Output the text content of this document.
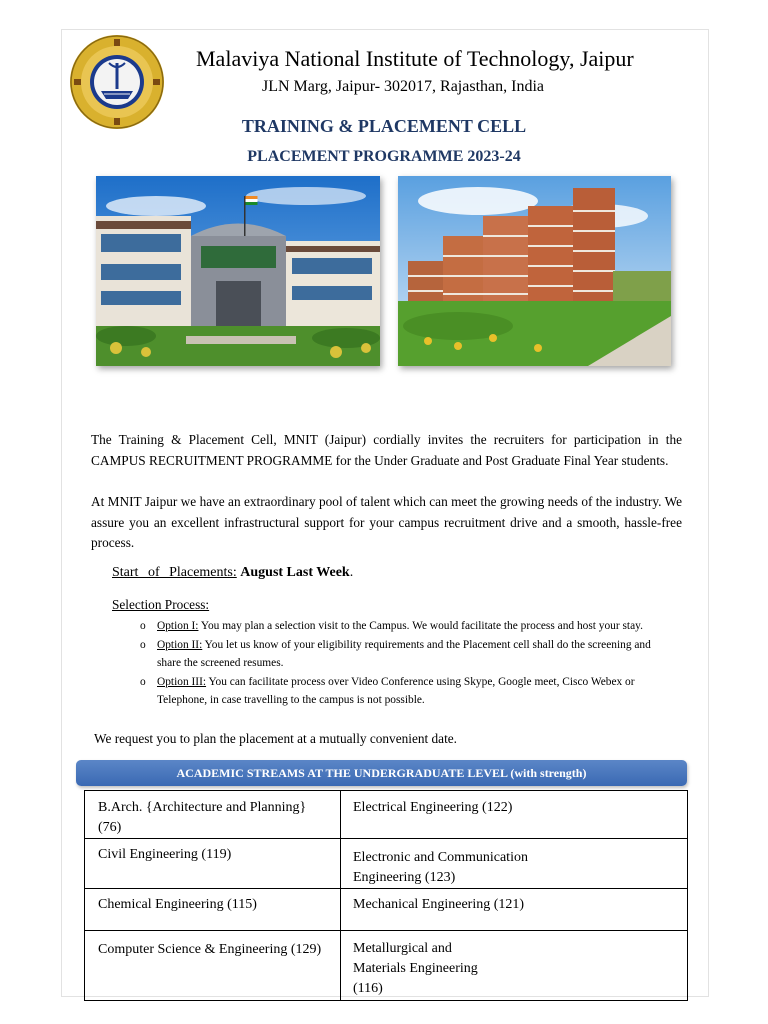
Malaviya National Institute of Technology, Jaipur
JLN Marg, Jaipur- 302017, Rajasthan, India
TRAINING & PLACEMENT CELL
PLACEMENT PROGRAMME 2023-24

The Training & Placement Cell, MNIT (Jaipur) cordially invites the recruiters for participation in the CAMPUS RECRUITMENT PROGRAMME for the Under Graduate and Post Graduate Final Year students.

At MNIT Jaipur we have an extraordinary pool of talent which can meet the growing needs of the industry. We assure you an excellent infrastructural support for your campus recruitment drive and a smooth, hassle-free process.

Start of Placements: August Last Week.
Selection Process:
o Option I: You may plan a selection visit to the Campus. We would facilitate the process and host your stay.
o Option II: You let us know of your eligibility requirements and the Placement cell shall do the screening and share the screened resumes.
o Option III: You can facilitate process over Video Conference using Skype, Google meet, Cisco Webex or Telephone, in case travelling to the campus is not possible.
We request you to plan the placement at a mutually convenient date.
ACADEMIC STREAMS AT THE UNDERGRADUATE LEVEL (with strength)
B.Arch. {Architecture and Planning} (76)	Electrical Engineering (122)

Civil Engineering (119)	Electronic and Communication
Engineering (123)

Chemical Engineering (115)	Mechanical Engineering (121)

Computer Science & Engineering (129)	Metallurgical and
Materials Engineering
(116)
